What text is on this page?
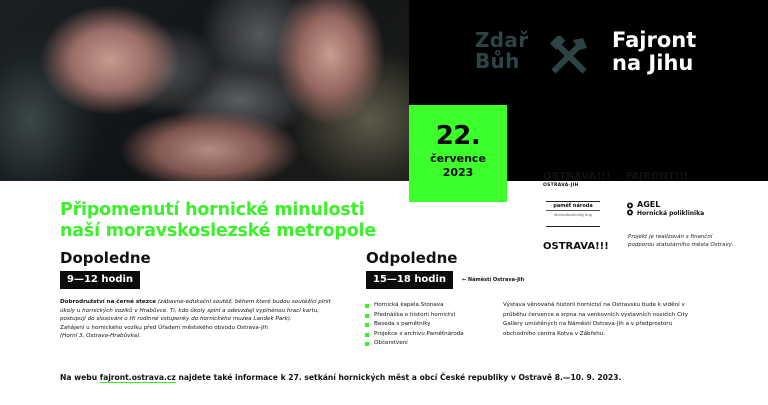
Zdař
Bůh
Fajront
na Jihu
22.
července
2023	OSTRAVA!!!
OSTRAVA-JIH
FAJRONT!!!
paměť národa
Moravskoslezský kraj
AGEL
Hornická poliklinika
OSTRAVA!!!
Projekt je realizován s finanční podporou statutárního města Ostravy.
Připomenutí hornické minulosti
naší moravskoslezské metropole
Dopoledne
9—12 hodin
Dobrodružství na černé stezce (zábavné-edukační soutěž, během které budou soutěžící plnit úkoly u hornických vozíků v Hrabůvce. Ti, kdo úkoly splní a odevzdají vyplněnou hrací kartu, postupují do slosování o tři rodinné vstupenky do hornického muzea Landek Park).
Zahájení u hornického vozíku před Úřadem městského obvodu Ostrava-Jih
(Horní 3, Ostrava-Hrabůvka).
Odpoledne
15—18 hodin	← Náměstí Ostrava-Jih
Hornická kapela Stonava
Přednáška o historii hornictví
Beseda s pamětníky
Projekce z archivu Paměťnároda
Občerstvení
Výstava věnovaná historii hornictví na Ostravsku bude k vidění v průběhu července a srpna na venkovních výstavních nosičích City Gallery umístěných na Náměstí Ostrava-Jih a v předprostoru obchodního centra Kotva v Zábřehu.
Na webu fajront.ostrava.cz najdete také informace k 27. setkání hornických měst a obcí České republiky v Ostravě 8.—10. 9. 2023.
